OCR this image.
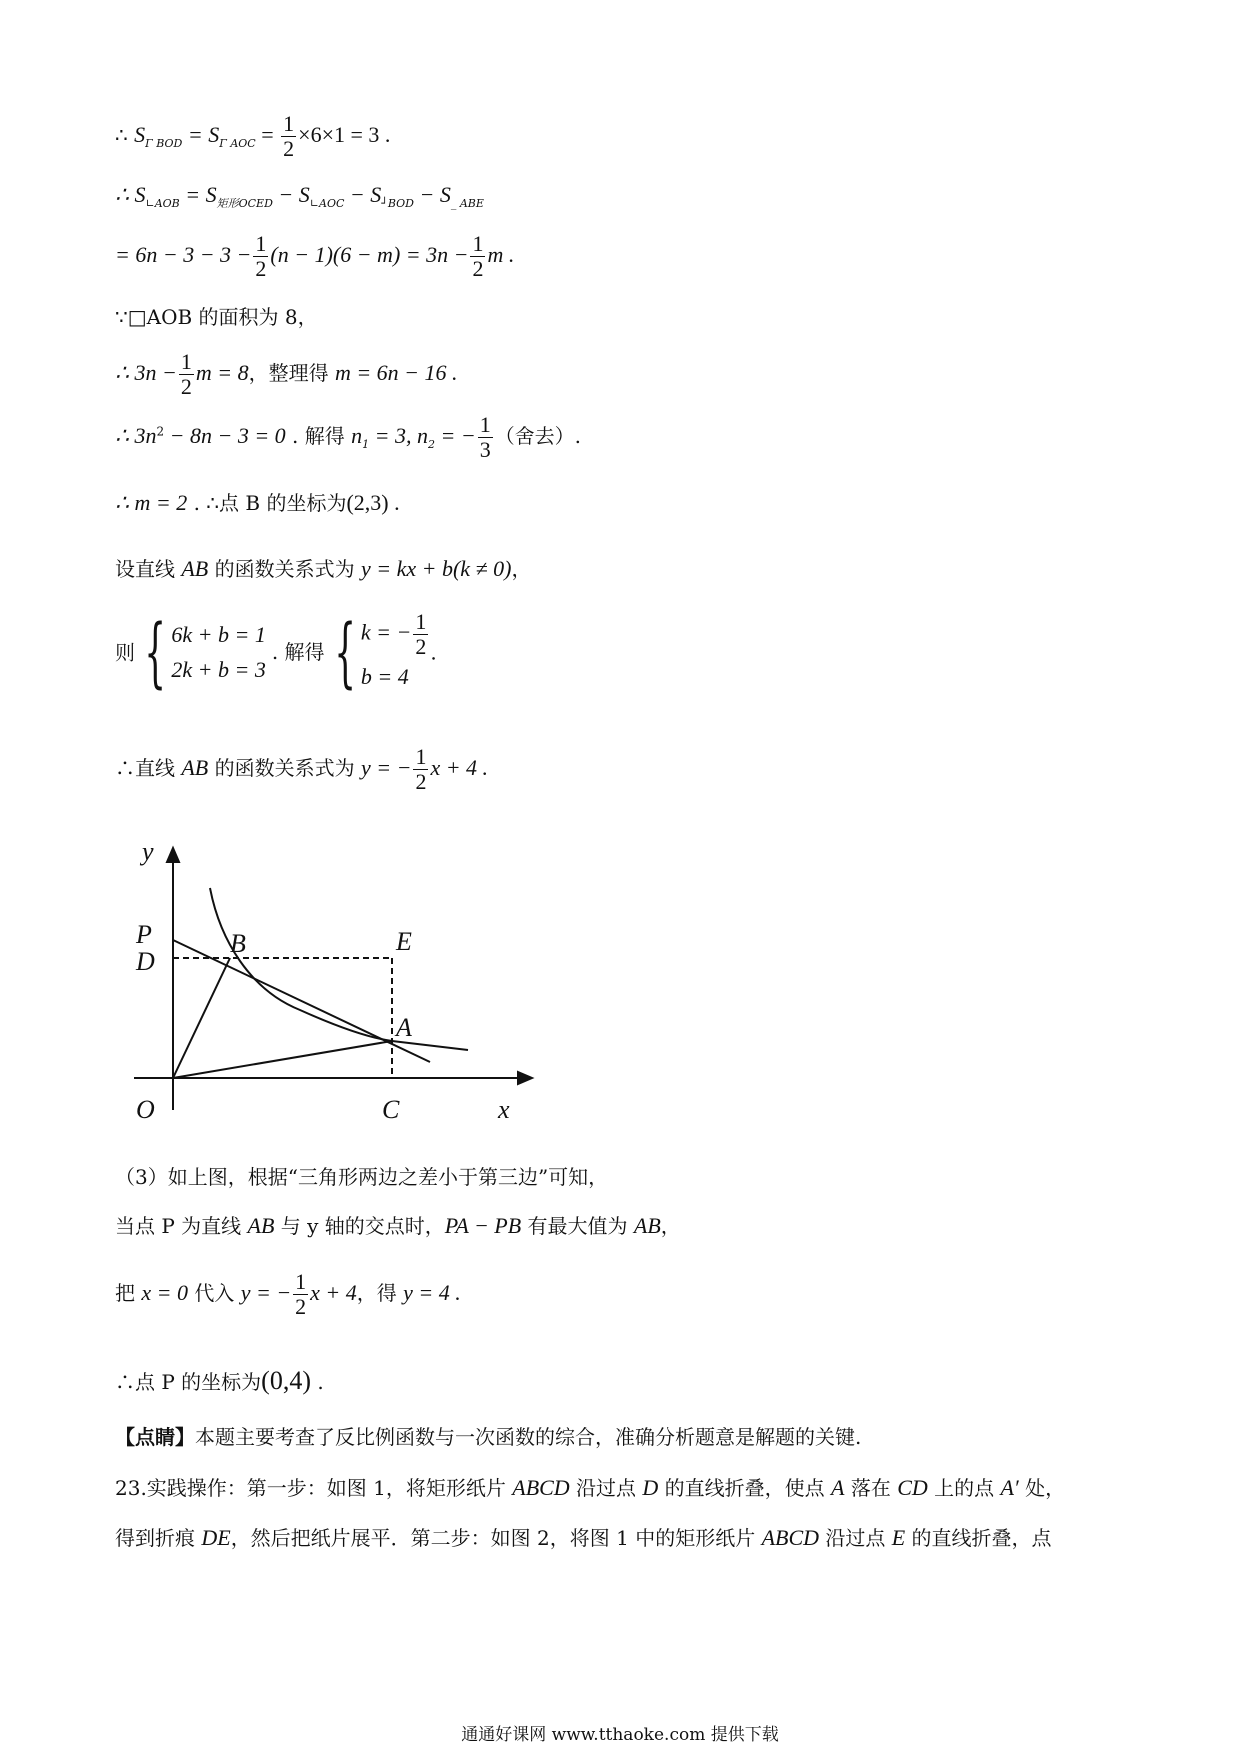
∴ $S_{\Gamma BOD} = S_{\Gamma AOC} = \frac{1}{2} \times 6\times 1 = 3$ .
∴ $S_{∟AOB} = S_{矩形OCED} - S_{∟AOC} - S_{┘BOD} - S_{\_ ABE}$
= $6n - 3 - 3 - \frac{1}{2} (n - 1)(6 - m) = 3n - \frac{1}{2}$ m .
∵□AOB 的面积为 8，
∴ $3n - \frac{1}{2}$ m = 8，整理得 m = 6n − 16 .
∴ $3n^2 - 8n - 3 = 0$ . 解得 $n_1 = 3$, $n_2$ = − $\frac{1}{3}$ （舍去）.
∴ m = 2 . ∴点 B 的坐标为(2,3) .
设直线 AB 的函数关系式为 y = kx + b(k ≠ 0)，
则 { 6k + b = 1
2k + b = 3
. 解得 { k = − $\frac{1}{2}$
b = 4
.
∴直线 AB 的函数关系式为 y = − $\frac{1}{2}$ x + 4 .
y
x
O	C
P
D
B	E
A
（3）如上图，根据“三角形两边之差小于第三边”可知，
当点 P 为直线 AB 与 y 轴的交点时，PA − PB 有最大值为 AB，
把 x = 0 代入 y = − $\frac{1}{2}$ x + 4，得 y = 4 .
∴点 P 的坐标为(0,4) .
【点睛】本题主要考查了反比例函数与一次函数的综合，准确分析题意是解题的关键.
23.实践操作：第一步：如图 1，将矩形纸片 ABCD 沿过点 D 的直线折叠，使点 A 落在 CD 上的点 A′ 处，
得到折痕 DE，然后把纸片展平．第二步：如图 2，将图 1 中的矩形纸片 ABCD 沿过点 E 的直线折叠，点
通通好课网 www.tthaoke.com 提供下载
